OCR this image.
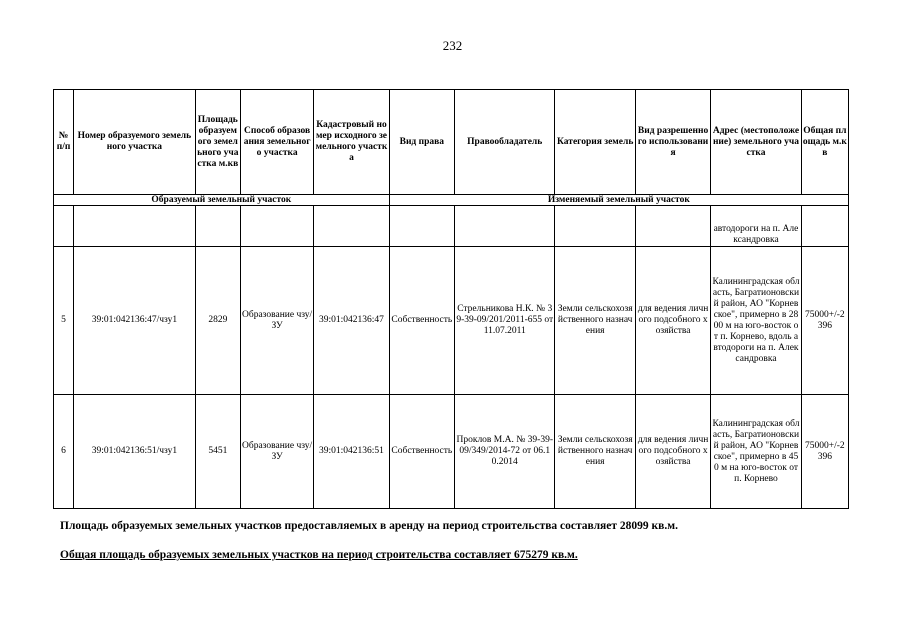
232
№ п/п	Номер образуемого земельного участка	Площадь образуемого земельного участка м.кв	Способ образования земельного участка	Кадастровый номер исходного земельного участка	Вид права	Правообладатель	Категория земель	Вид разрешенного использования	Адрес (местоположение) земельного участка	Общая площадь м.кв
Образуемый земельный участок					Изменяемый земельный участок					
									автодороги на п. Александровка	
5	39:01:042136:47/чзу1	2829	Образование чзу/ЗУ	39:01:042136:47	Собственность	Стрельникова Н.К. № 39-39-09/201/2011-655 от 11.07.2011	Земли сельскохозяйственного назначения	для ведения личного подсобного хозяйства	Калининградская область, Багратионовский район, АО "Корневское", примерно в 2800 м на юго-восток от п. Корнево, вдоль автодороги на п. Александровка	75000+/-2396
6	39:01:042136:51/чзу1	5451	Образование чзу/ЗУ	39:01:042136:51	Собственность	Проклов М.А. № 39-39-09/349/2014-72 от 06.10.2014	Земли сельскохозяйственного назначения	для ведения личного подсобного хозяйства	Калининградская область, Багратионовский район, АО "Корневское", примерно в 450 м на юго-восток от п. Корнево	75000+/-2396
Площадь образуемых земельных участков предоставляемых в аренду на период строительства составляет 28099 кв.м.
Общая площадь образуемых земельных участков на период строительства составляет 675279 кв.м.
